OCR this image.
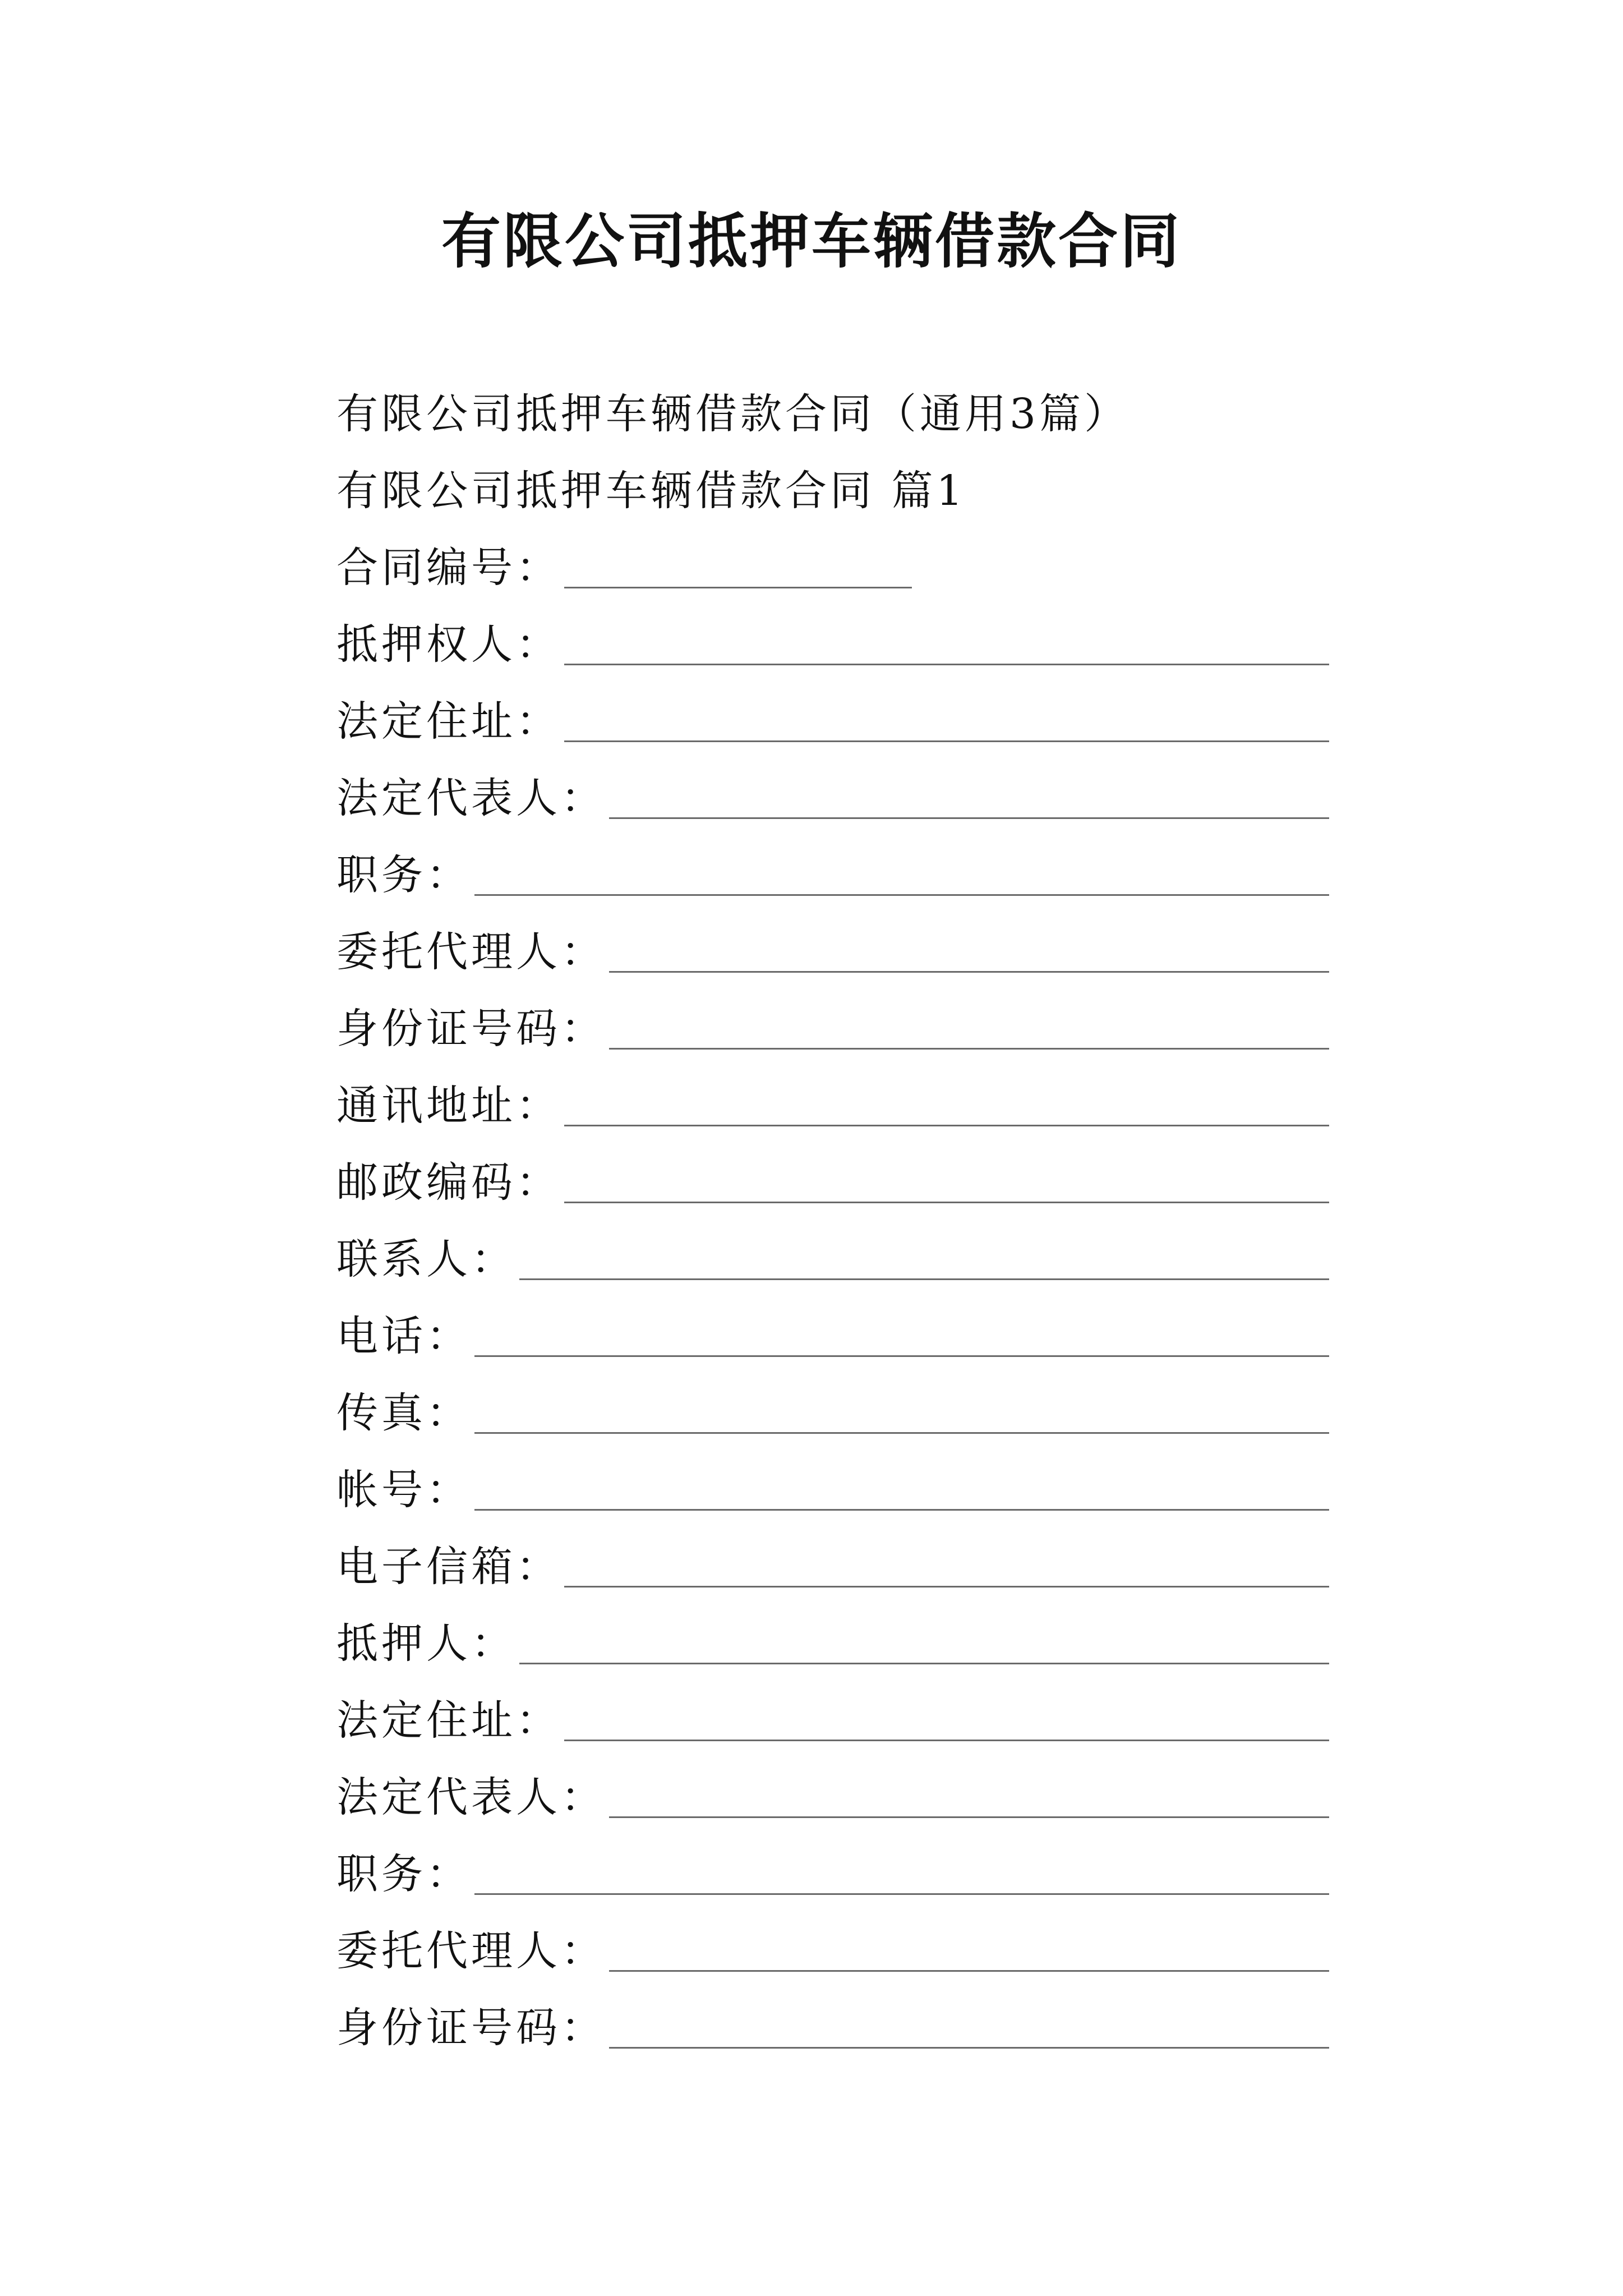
有限公司抵押车辆借款合同

有限公司抵押车辆借款合同（通用3篇）

有限公司抵押车辆借款合同 篇1

合同编号：
抵押权人：
法定住址：
法定代表人：
职务：
委托代理人：
身份证号码：
通讯地址：
邮政编码：
联系人：
电话：
传真：
帐号：
电子信箱：
抵押人：
法定住址：
法定代表人：
职务：
委托代理人：
身份证号码：
